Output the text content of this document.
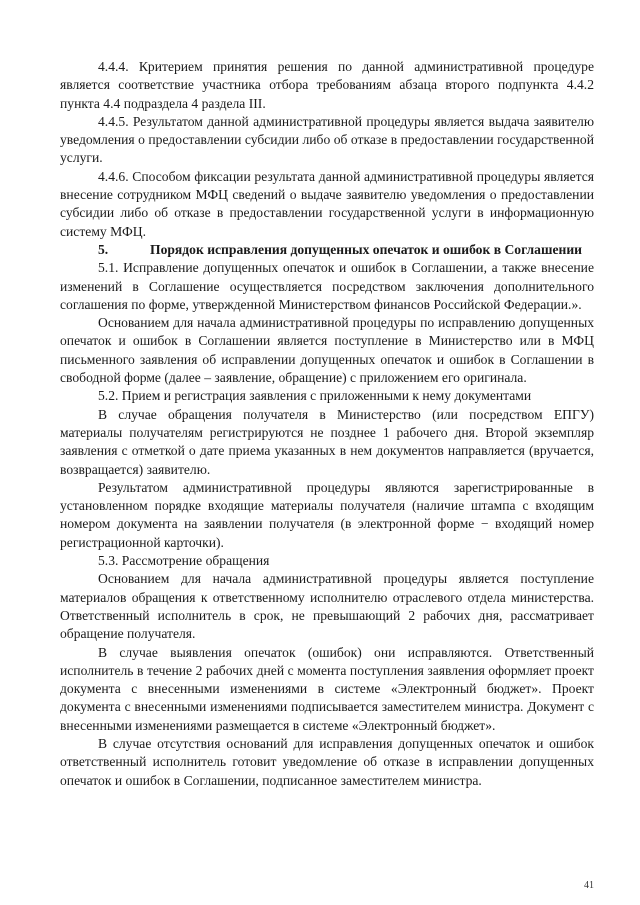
4.4.4. Критерием принятия решения по данной административной процедуре является соответствие участника отбора требованиям абзаца второго подпункта 4.4.2 пункта 4.4 подраздела 4 раздела III.

4.4.5. Результатом данной административной процедуры является выдача заявителю уведомления о предоставлении субсидии либо об отказе в предоставлении государственной услуги.

4.4.6. Способом фиксации результата данной административной процедуры является внесение сотрудником МФЦ сведений о выдаче заявителю уведомления о предоставлении субсидии либо об отказе в предоставлении государственной услуги в информационную систему МФЦ.

5.	Порядок исправления допущенных опечаток и ошибок в Соглашении

5.1. Исправление допущенных опечаток и ошибок в Соглашении, а также внесение изменений в Соглашение осуществляется посредством заключения дополнительного соглашения по форме, утвержденной Министерством финансов Российской Федерации.».

Основанием для начала административной процедуры по исправлению допущенных опечаток и ошибок в Соглашении является поступление в Министерство или в МФЦ письменного заявления об исправлении допущенных опечаток и ошибок в Соглашении в свободной форме (далее – заявление, обращение) с приложением его оригинала.

5.2. Прием и регистрация заявления с приложенными к нему документами

В случае обращения получателя в Министерство (или посредством ЕПГУ) материалы получателям регистрируются не позднее 1 рабочего дня. Второй экземпляр заявления с отметкой о дате приема указанных в нем документов направляется (вручается, возвращается) заявителю.

Результатом административной процедуры являются зарегистрированные в установленном порядке входящие материалы получателя (наличие штампа с входящим номером документа на заявлении получателя (в электронной форме − входящий номер регистрационной карточки).

5.3. Рассмотрение обращения

Основанием для начала административной процедуры является поступление материалов обращения к ответственному исполнителю отраслевого отдела министерства. Ответственный исполнитель в срок, не превышающий 2 рабочих дня, рассматривает обращение получателя.

В случае выявления опечаток (ошибок) они исправляются. Ответственный исполнитель в течение 2 рабочих дней с момента поступления заявления оформляет проект документа с внесенными изменениями в системе «Электронный бюджет». Проект документа с внесенными изменениями подписывается заместителем министра. Документ с внесенными изменениями размещается в системе «Электронный бюджет».

В случае отсутствия оснований для исправления допущенных опечаток и ошибок ответственный исполнитель готовит уведомление об отказе в исправлении допущенных опечаток и ошибок в Соглашении, подписанное заместителем министра.

41
